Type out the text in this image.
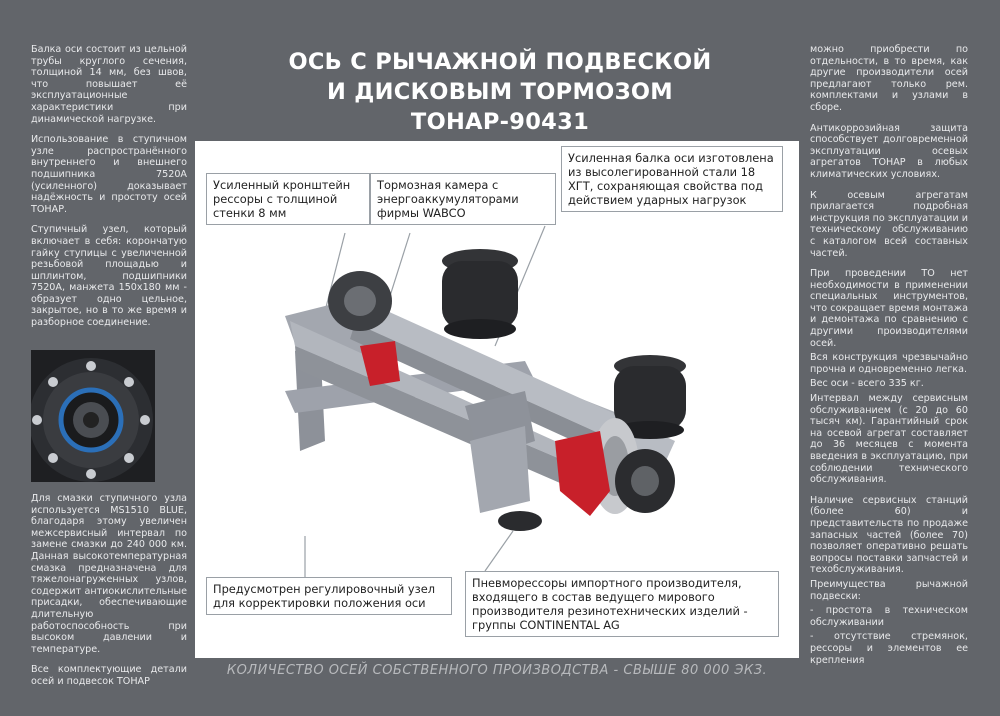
Балка оси состоит из цельной трубы круглого сечения, толщиной 14 мм, без швов, что повышает её эксплуатационные характеристики при динамической нагрузке.

Использование в ступичном узле распространённого внутреннего и внешнего подшипника 7520A (усиленного) доказывает надёжность и простоту осей ТОНАР.

Ступичный узел, который включает в себя: корончатую гайку ступицы с увеличенной резьбовой площадью и шплинтом, подшипники 7520А, манжета 150х180 мм - образует одно цельное, закрытое, но в то же время и разборное соединение.

Для смазки ступичного узла используется MS1510 BLUE, благодаря этому увеличен межсервисный интервал по замене смазки до 240 000 км. Данная высокотемпературная смазка предназначена для тяжелонагруженных узлов, содержит антиокислительные присадки, обеспечивающие длительную работоспособность при высоком давлении и температуре.

Все комплектующие детали осей и подвесок ТОНАР

ОСЬ С РЫЧАЖНОЙ ПОДВЕСКОЙ
И ДИСКОВЫМ ТОРМОЗОМ
ТОНАР-90431

можно приобрести по отдельности, в то время, как другие производители осей предлагают только рем. комплектами и узлами в сборе.

Антикоррозийная защита способствует долговременной эксплуатации осевых агрегатов ТОНАР в любых климатических условиях.

К осевым агрегатам прилагается подробная инструкция по эксплуатации и техническому обслуживанию с каталогом всей составных частей.

При проведении ТО нет необходимости в применении специальных инструментов, что сокращает время монтажа и демонтажа по сравнению с другими производителями осей.

Вся конструкция чрезвычайно прочна и одновременно легка.

Вес оси - всего 335 кг.

Интервал между сервисным обслуживанием (с 20 до 60 тысяч км). Гарантийный срок на осевой агрегат составляет до 36 месяцев с момента введения в эксплуатацию, при соблюдении технического обслуживания.

Наличие сервисных станций (более 60) и представительств по продаже запасных частей (более 70) позволяет оперативно решать вопросы поставки запчастей и техобслуживания.

Преимущества рычажной подвески:

- простота в техническом обслуживании

- отсутствие стремянок, рессоры и элементов ее крепления

Усиленный кронштейн рессоры с толщиной стенки 8 мм
Тормозная камера с энергоаккумуляторами фирмы WABCO
Усиленная балка оси изготовлена из высолегированной стали 18 ХГТ, сохраняющая свойства под действием ударных нагрузок
Предусмотрен регулировочный узел для корректировки положения оси
Пневморессоры импортного производителя, входящего в состав ведущего мирового производителя резинотехнических изделий - группы CONTINENTAL AG
КОЛИЧЕСТВО ОСЕЙ СОБСТВЕННОГО ПРОИЗВОДСТВА - СВЫШЕ 80 000 ЭКЗ.
